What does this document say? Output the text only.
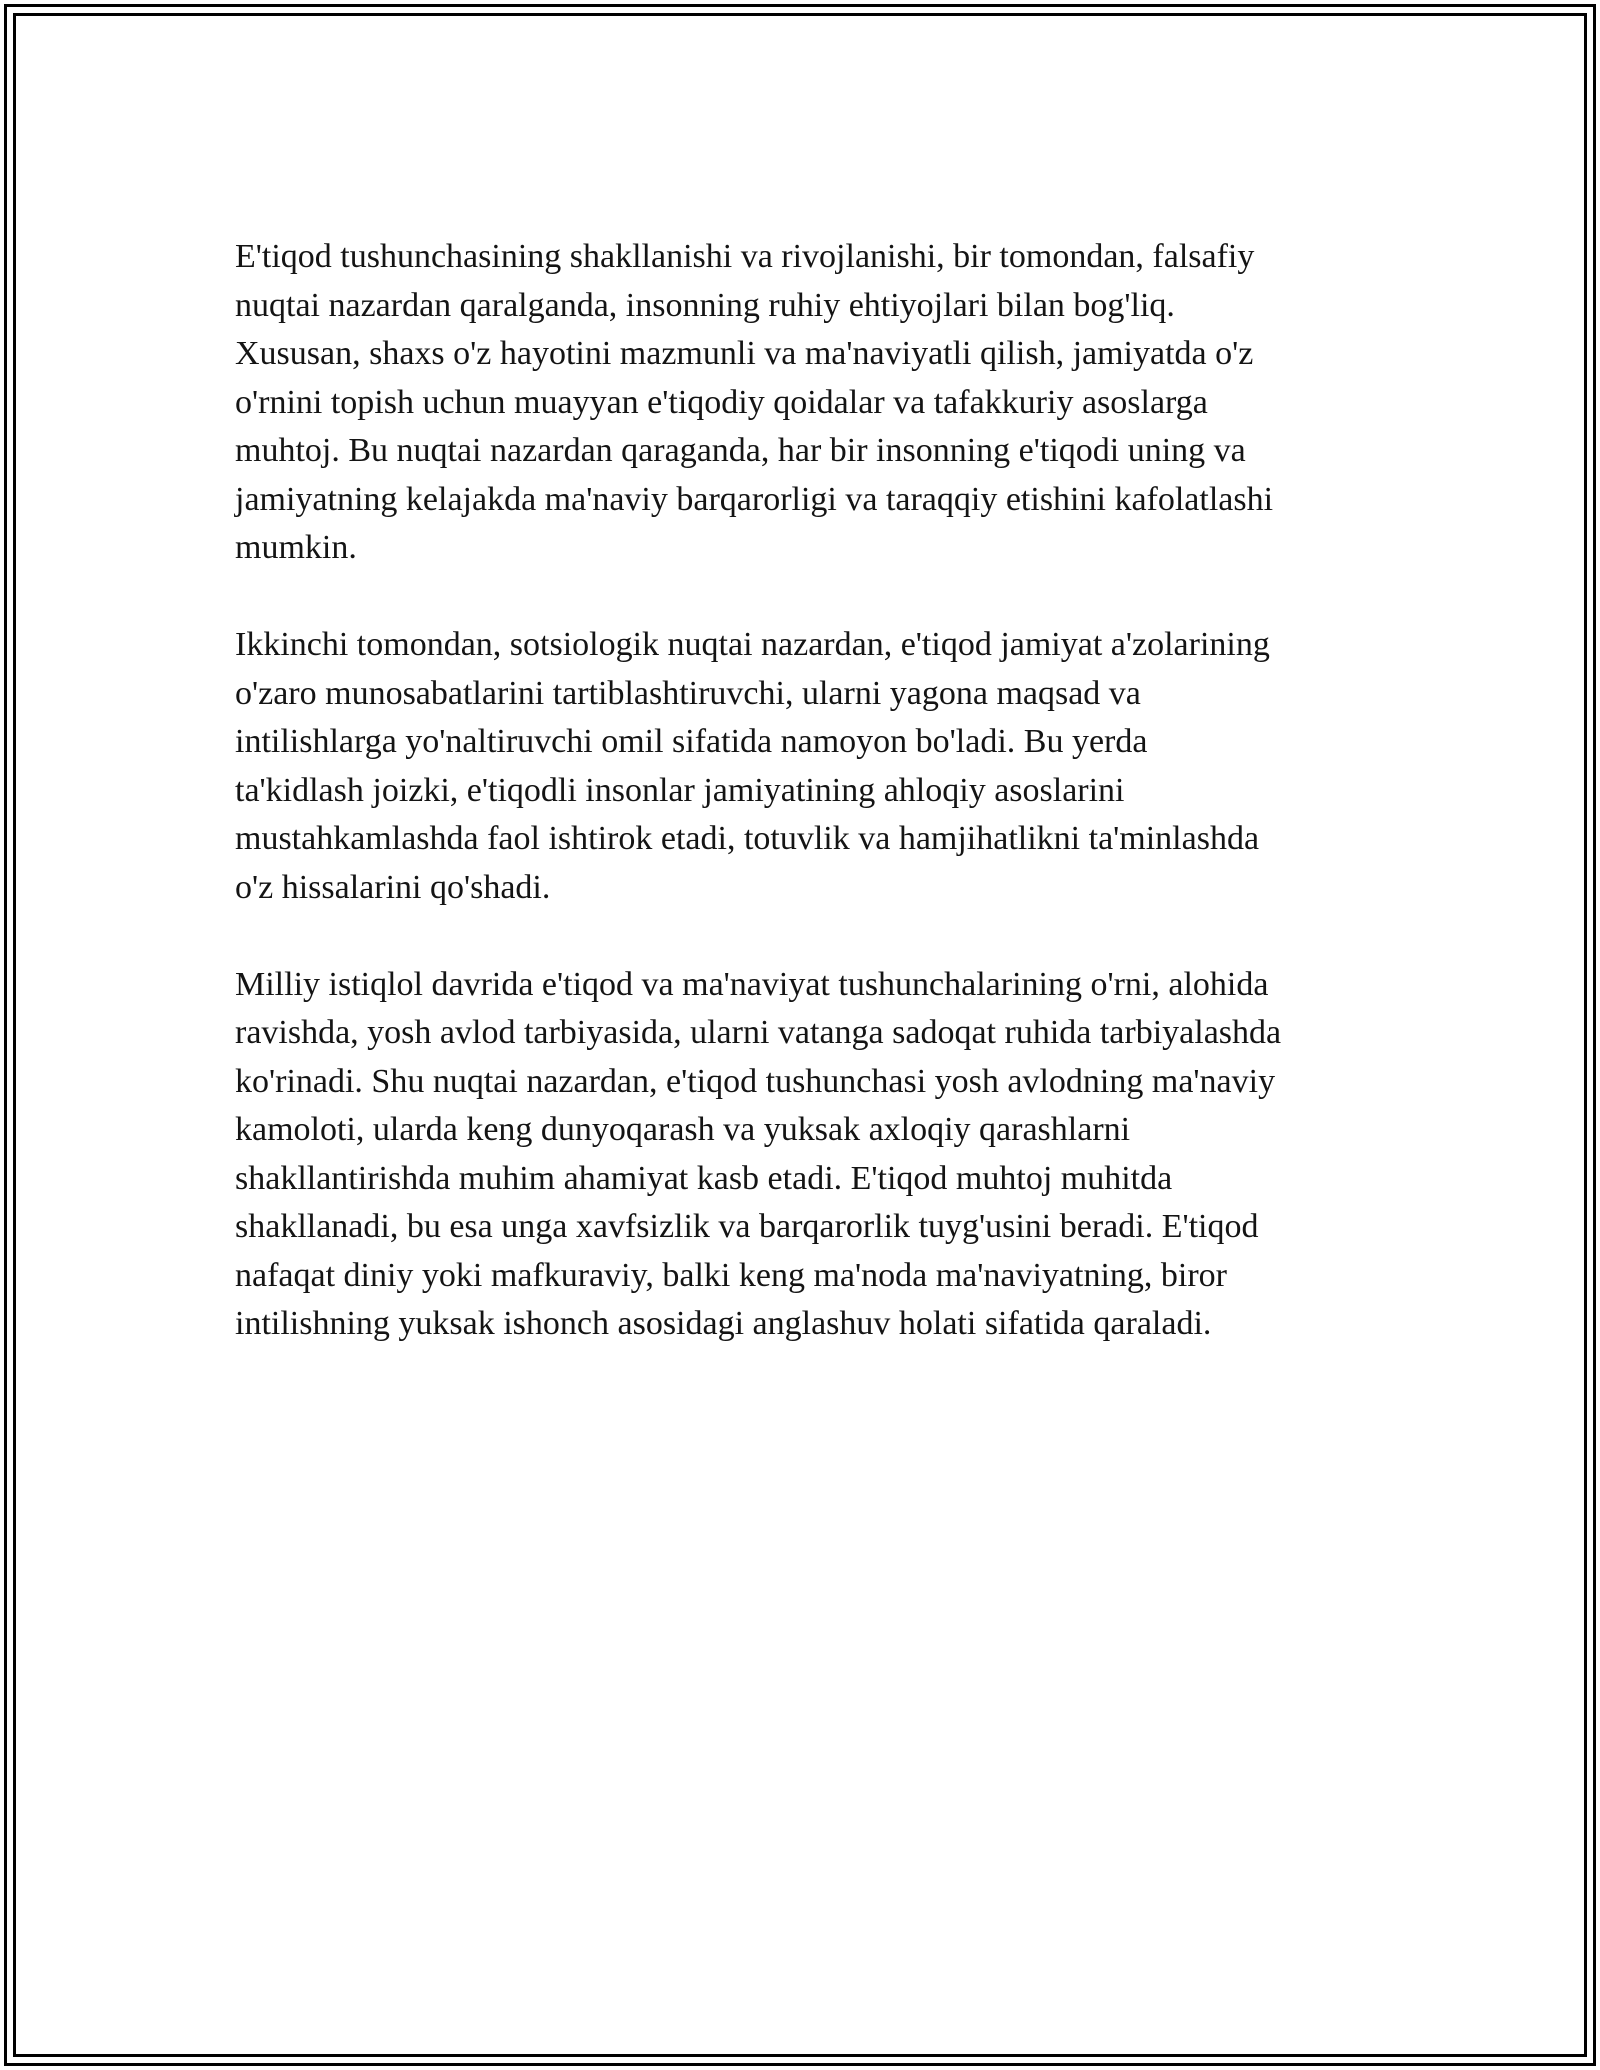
E'tiqod tushunchasining shakllanishi va rivojlanishi, bir tomondan, falsafiy
nuqtai nazardan qaralganda, insonning ruhiy ehtiyojlari bilan bog'liq.
Xususan, shaxs o'z hayotini mazmunli va ma'naviyatli qilish, jamiyatda o'z
o'rnini topish uchun muayyan e'tiqodiy qoidalar va tafakkuriy asoslarga
muhtoj. Bu nuqtai nazardan qaraganda, har bir insonning e'tiqodi uning va
jamiyatning kelajakda ma'naviy barqarorligi va taraqqiy etishini kafolatlashi
mumkin.

Ikkinchi tomondan, sotsiologik nuqtai nazardan, e'tiqod jamiyat a'zolarining
o'zaro munosabatlarini tartiblashtiruvchi, ularni yagona maqsad va
intilishlarga yo'naltiruvchi omil sifatida namoyon bo'ladi. Bu yerda
ta'kidlash joizki, e'tiqodli insonlar jamiyatining ahloqiy asoslarini
mustahkamlashda faol ishtirok etadi, totuvlik va hamjihatlikni ta'minlashda
o'z hissalarini qo'shadi.

Milliy istiqlol davrida e'tiqod va ma'naviyat tushunchalarining o'rni, alohida
ravishda, yosh avlod tarbiyasida, ularni vatanga sadoqat ruhida tarbiyalashda
ko'rinadi. Shu nuqtai nazardan, e'tiqod tushunchasi yosh avlodning ma'naviy
kamoloti, ularda keng dunyoqarash va yuksak axloqiy qarashlarni
shakllantirishda muhim ahamiyat kasb etadi. E'tiqod muhtoj muhitda
shakllanadi, bu esa unga xavfsizlik va barqarorlik tuyg'usini beradi. E'tiqod
nafaqat diniy yoki mafkuraviy, balki keng ma'noda ma'naviyatning, biror
intilishning yuksak ishonch asosidagi anglashuv holati sifatida qaraladi.
